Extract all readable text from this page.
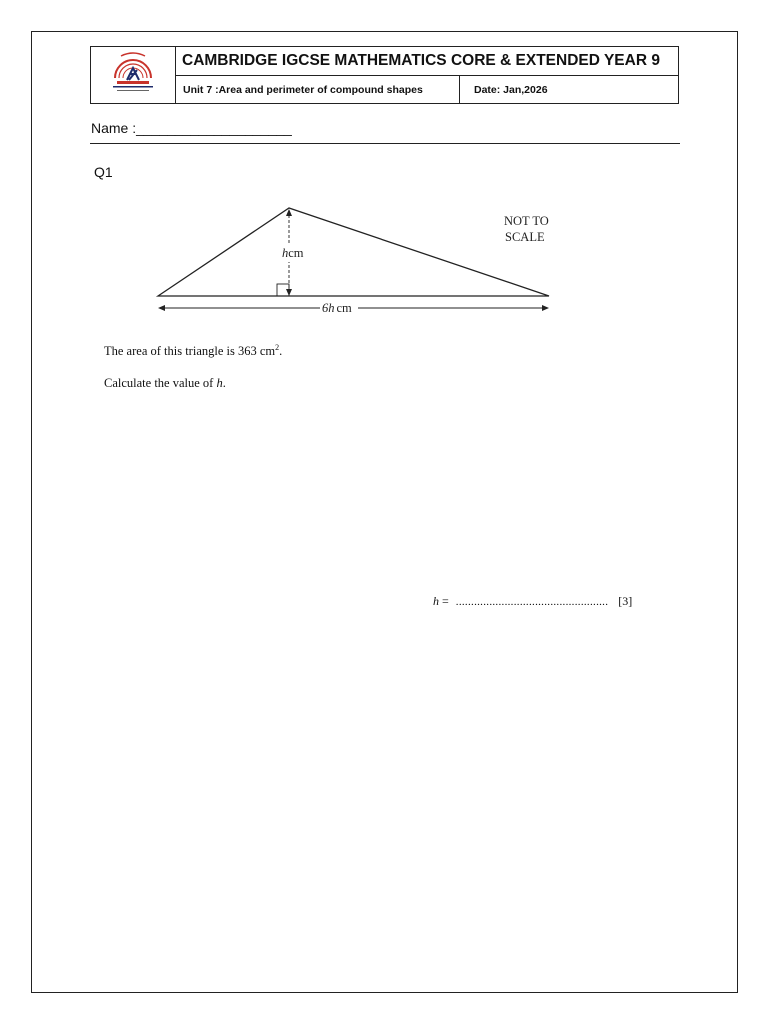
	CAMBRIDGE IGCSE MATHEMATICS CORE & EXTENDED YEAR 9	
	Unit 7 :Area and perimeter of compound shapes	Date: Jan,2026
Name :____________________
Q1
hcm
6h cm
NOT TO
SCALE
The area of this triangle is 363 $cm^2$.
Calculate the value of h.
h = .................................................. [3]
